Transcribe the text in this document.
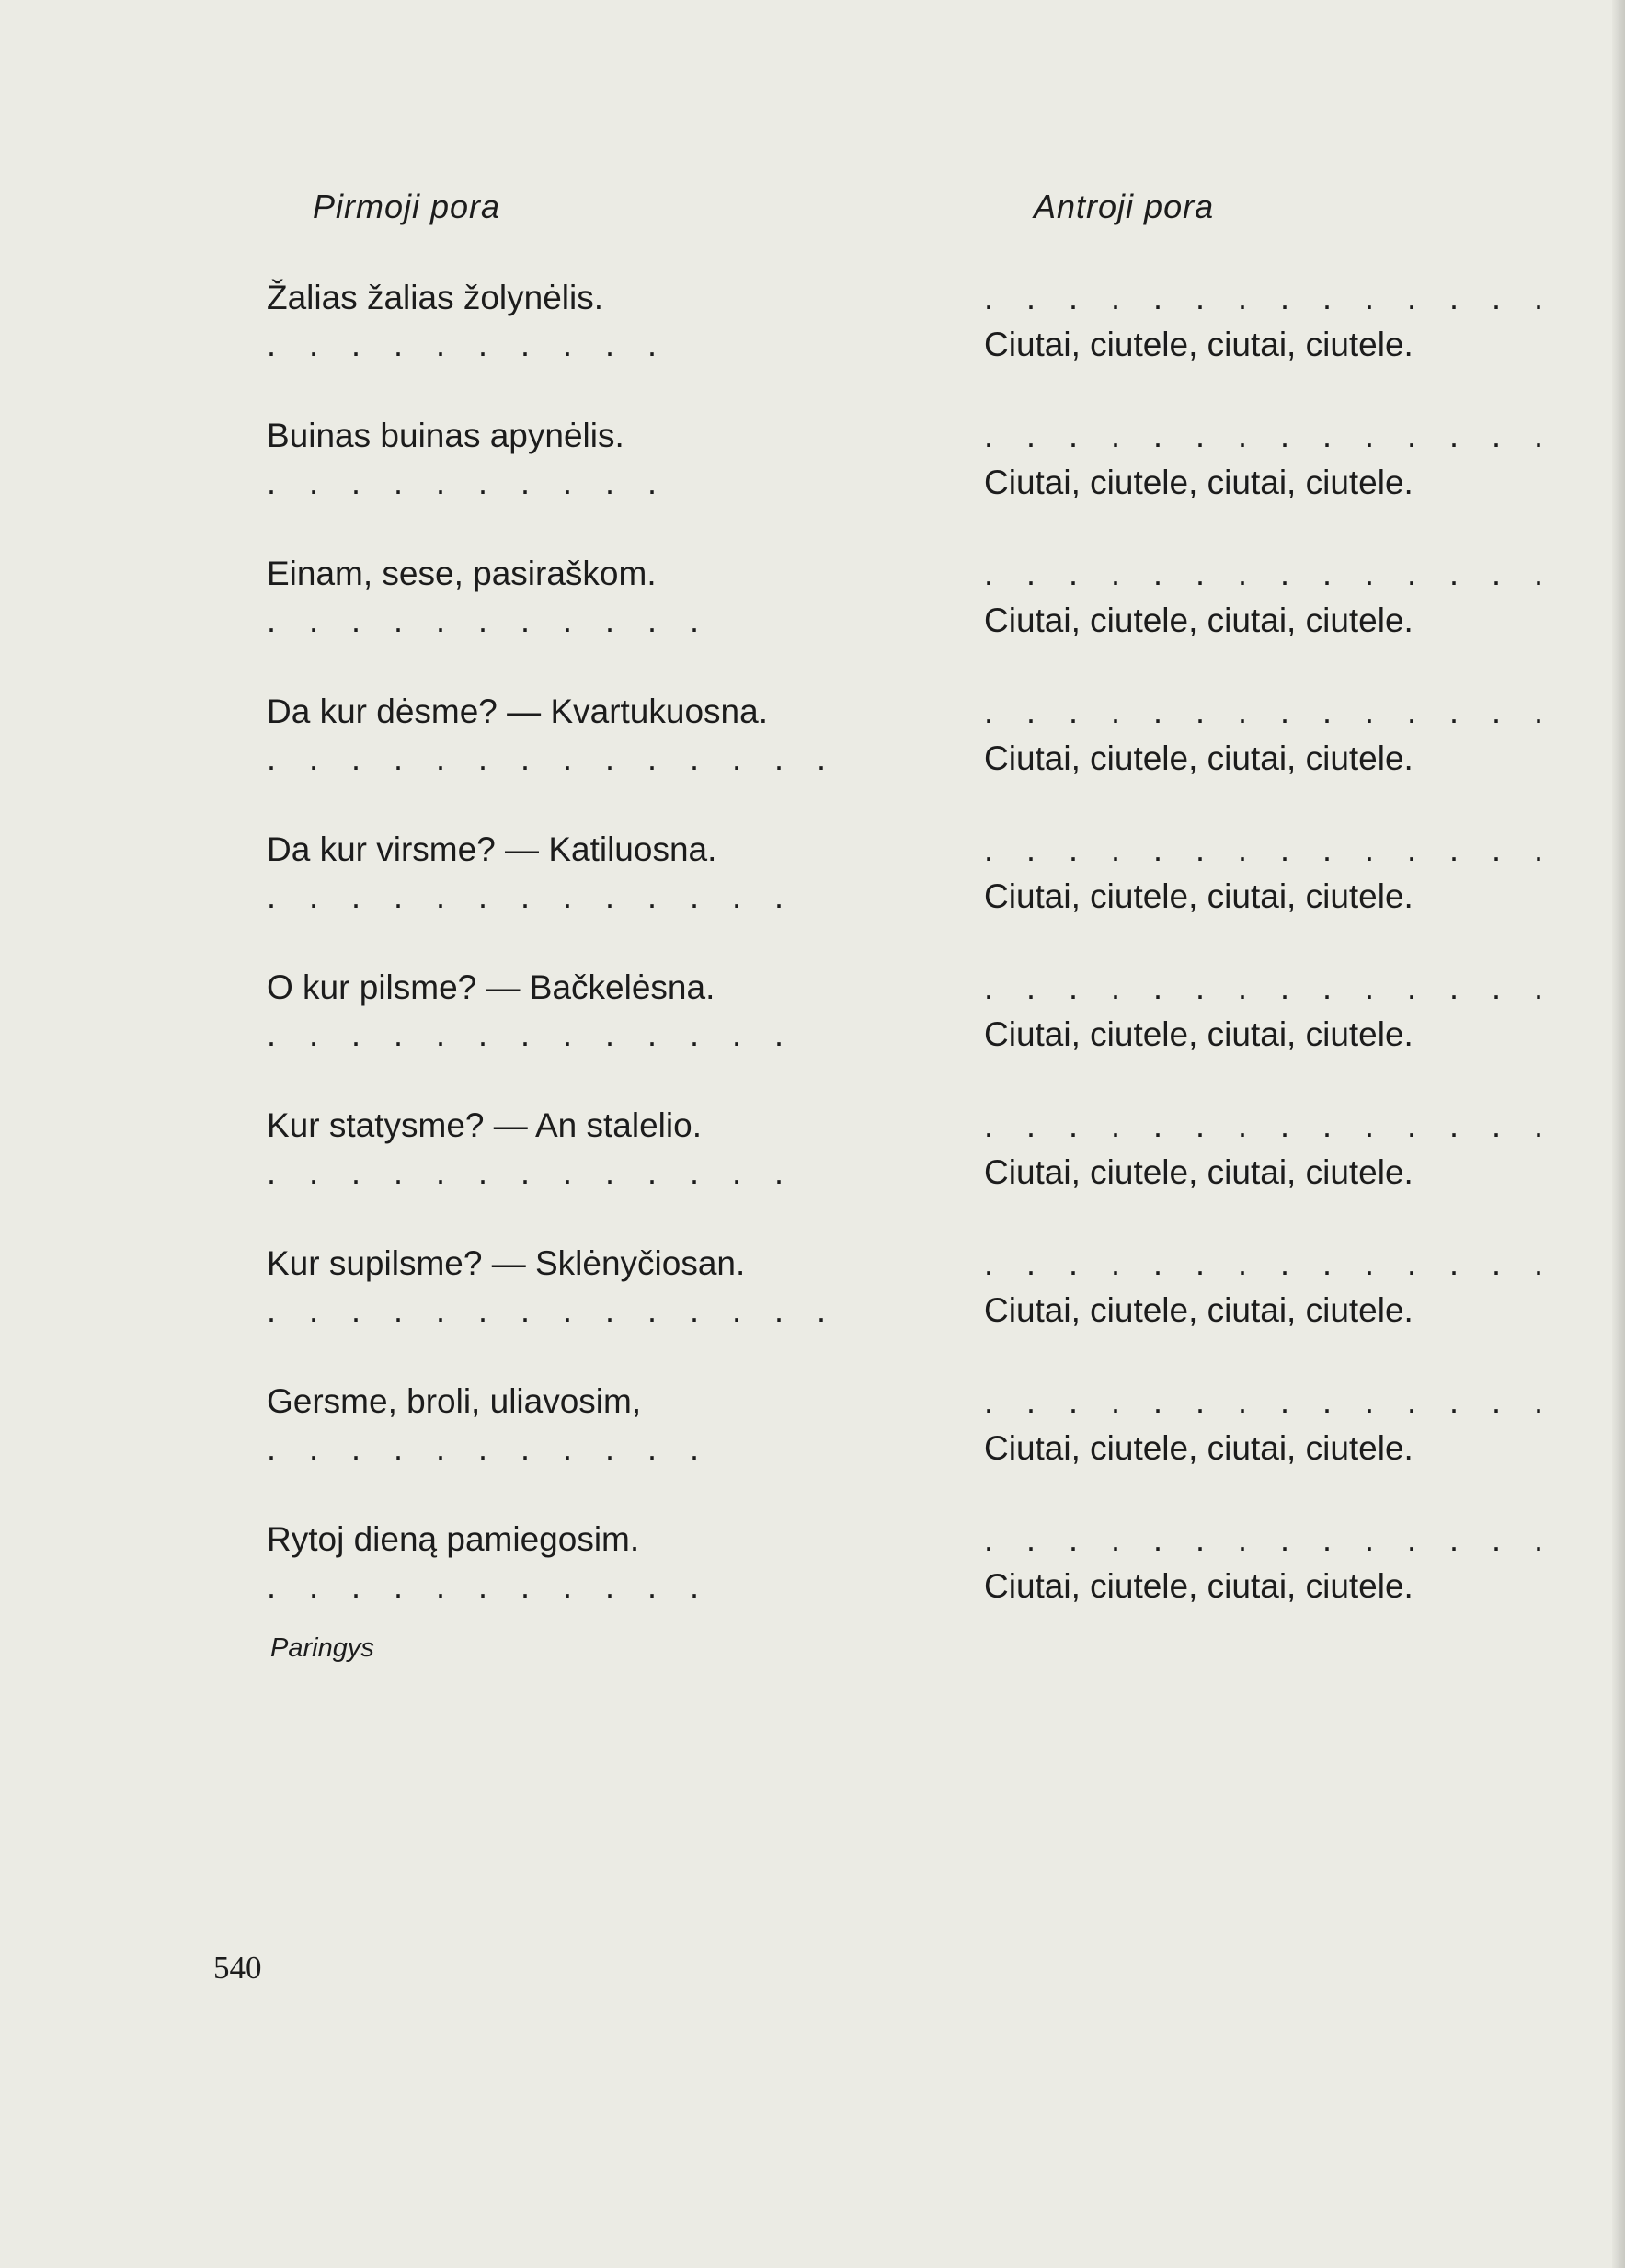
Pirmoji pora	Antroji pora
Žalias žalias žolynėlis.
. . . . . . . . . .
Buinas buinas apynėlis.
. . . . . . . . . .
Einam, sese, pasiraškom.
. . . . . . . . . . .
Da kur dėsme? — Kvartukuosna.
. . . . . . . . . . . . . .
Da kur virsme? — Katiluosna.
. . . . . . . . . . . . .
O kur pilsme? — Bačkelėsna.
. . . . . . . . . . . . .
Kur statysme? — An stalelio.
. . . . . . . . . . . . .
Kur supilsme? — Sklėnyčiosan.
. . . . . . . . . . . . . .
Gersme, broli, uliavosim,
. . . . . . . . . . .
Rytoj dieną pamiegosim.
. . . . . . . . . . .
. . . . . . . . . . . . . .
Ciutai, ciutele, ciutai, ciutele.
. . . . . . . . . . . . . .
Ciutai, ciutele, ciutai, ciutele.
. . . . . . . . . . . . . .
Ciutai, ciutele, ciutai, ciutele.
. . . . . . . . . . . . . .
Ciutai, ciutele, ciutai, ciutele.
. . . . . . . . . . . . . .
Ciutai, ciutele, ciutai, ciutele.
. . . . . . . . . . . . . .
Ciutai, ciutele, ciutai, ciutele.
. . . . . . . . . . . . . .
Ciutai, ciutele, ciutai, ciutele.
. . . . . . . . . . . . . .
Ciutai, ciutele, ciutai, ciutele.
. . . . . . . . . . . . . .
Ciutai, ciutele, ciutai, ciutele.
. . . . . . . . . . . . . .
Ciutai, ciutele, ciutai, ciutele.
Paringys
540
